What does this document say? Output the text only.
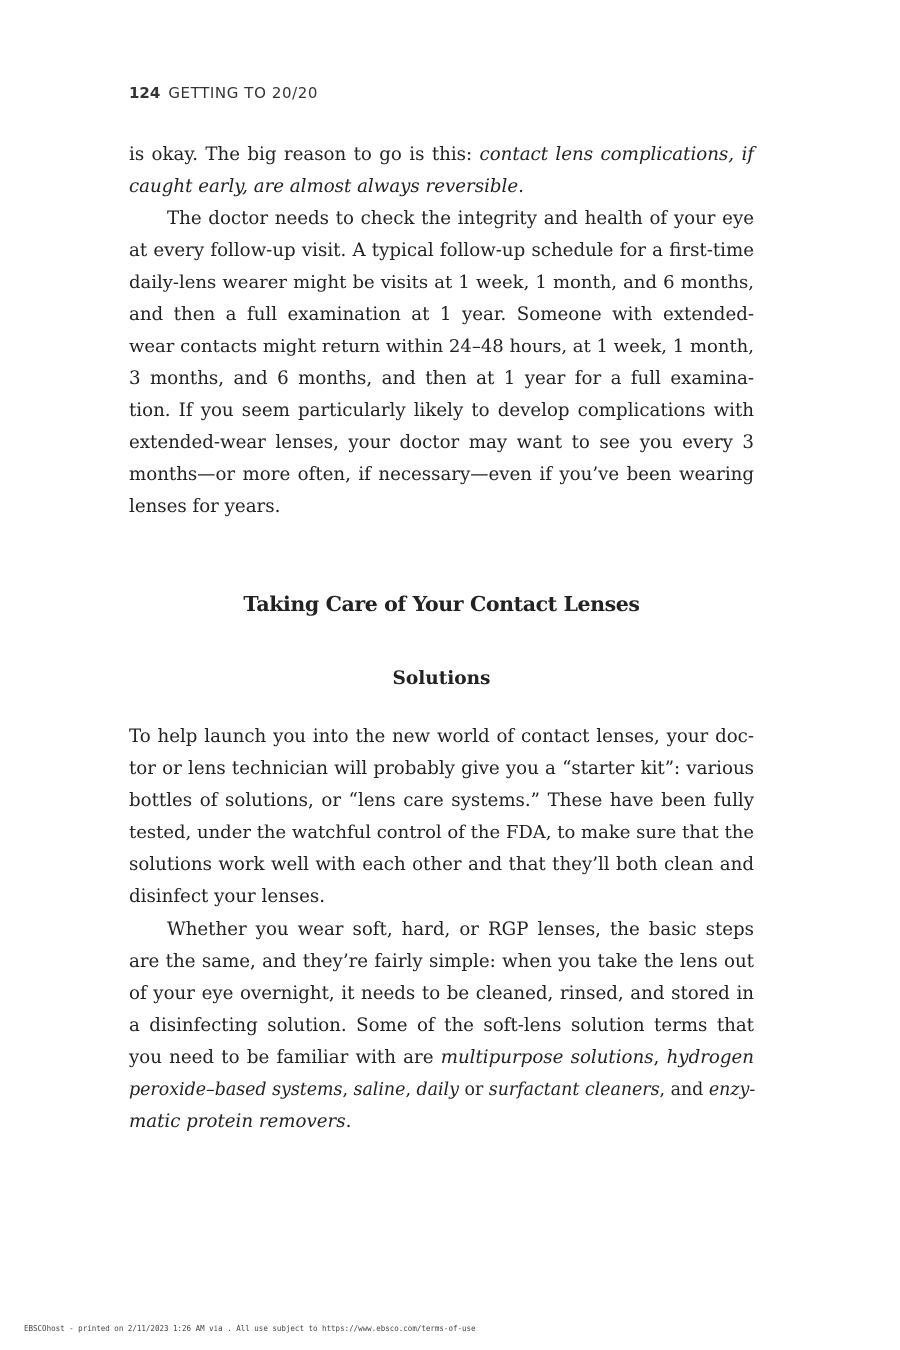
124 GETTING TO 20/20
is okay. The big reason to go is this: contact lens complications, if
caught early, are almost always reversible.
The doctor needs to check the integrity and health of your eye
at every follow-up visit. A typical follow-up schedule for a first-time
daily-lens wearer might be visits at 1 week, 1 month, and 6 months,
and then a full examination at 1 year. Someone with extended-
wear contacts might return within 24–48 hours, at 1 week, 1 month,
3 months, and 6 months, and then at 1 year for a full examina-
tion. If you seem particularly likely to develop complications with
extended-wear lenses, your doctor may want to see you every 3
months—or more often, if necessary—even if you’ve been wearing
lenses for years.
Taking Care of Your Contact Lenses
Solutions
To help launch you into the new world of contact lenses, your doc-
tor or lens technician will probably give you a “starter kit”: various
bottles of solutions, or “lens care systems.” These have been fully
tested, under the watchful control of the FDA, to make sure that the
solutions work well with each other and that they’ll both clean and
disinfect your lenses.
Whether you wear soft, hard, or RGP lenses, the basic steps
are the same, and they’re fairly simple: when you take the lens out
of your eye overnight, it needs to be cleaned, rinsed, and stored in
a disinfecting solution. Some of the soft-lens solution terms that
you need to be familiar with are multipurpose solutions, hydrogen
peroxide–based systems, saline, daily or surfactant cleaners, and enzy-
matic protein removers.
EBSCOhost - printed on 2/11/2023 1:26 AM via . All use subject to https://www.ebsco.com/terms-of-use
